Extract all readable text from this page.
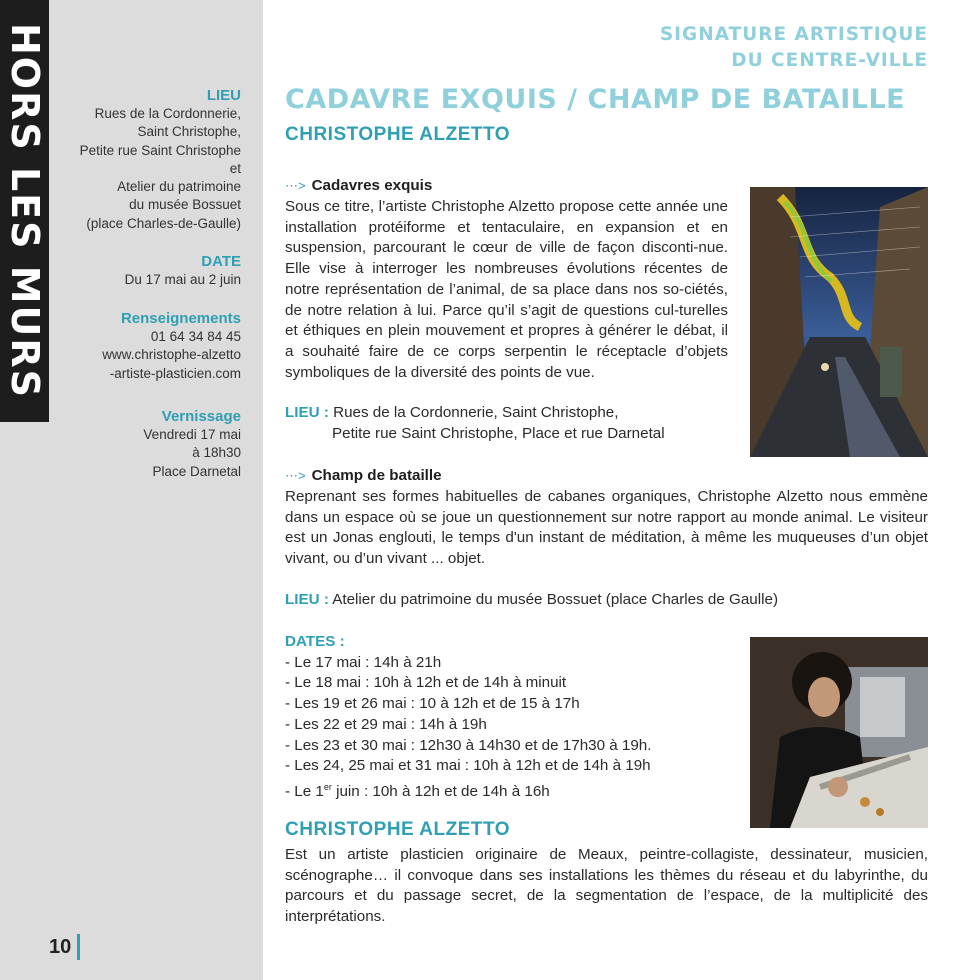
HORS LES MURS	LIEU
Rues de la Cordonnerie,
Saint Christophe,
Petite rue Saint Christophe
et
Atelier du patrimoine
du musée Bossuet
(place Charles-de-Gaulle)
DATE
Du 17 mai au 2 juin
Renseignements
01 64 34 84 45
www.christophe-alzetto
-artiste-plasticien.com
Vernissage
Vendredi 17 mai
à 18h30
Place Darnetal
10
SIGNATURE ARTISTIQUE
DU CENTRE-VILLE
CADAVRE EXQUIS / CHAMP DE BATAILLE
CHRISTOPHE ALZETTO
⋯> Cadavres exquis
Sous ce titre, l’artiste Christophe Alzetto propose cette année une installation protéiforme et tentaculaire, en expansion et en suspension, parcourant le cœur de ville de façon disconti-nue. Elle vise à interroger les nombreuses évolutions récentes de notre représentation de l’animal, de sa place dans nos so-ciétés, de notre relation à lui. Parce qu’il s’agit de questions cul-turelles et éthiques en plein mouvement et propres à générer le débat, il a souhaité faire de ce corps serpentin le réceptacle d’objets symboliques de la diversité des points de vue.
LIEU : Rues de la Cordonnerie, Saint Christophe,
Petite rue Saint Christophe, Place et rue Darnetal
⋯> Champ de bataille
Reprenant ses formes habituelles de cabanes organiques, Christophe Alzetto nous emmène dans un espace où se joue un questionnement sur notre rapport au monde animal. Le visiteur est un Jonas englouti, le temps d'un instant de méditation, à même les muqueuses d’un objet vivant, ou d’un vivant ... objet.
LIEU : Atelier du patrimoine du musée Bossuet (place Charles de Gaulle)
DATES :
- Le 17 mai : 14h à 21h
- Le 18 mai : 10h à 12h et de 14h à minuit
- Les 19 et 26 mai : 10 à 12h et de 15 à 17h
- Les 22 et 29 mai : 14h à 19h
- Les 23 et 30 mai : 12h30 à 14h30 et de 17h30 à 19h.
- Les 24, 25 mai et 31 mai : 10h à 12h et de 14h à 19h
- Le 1er juin : 10h à 12h et de 14h à 16h
CHRISTOPHE ALZETTO
Est un artiste plasticien originaire de Meaux, peintre-collagiste, dessinateur, musicien, scénographe… il convoque dans ses installations les thèmes du réseau et du labyrinthe, du parcours et du passage secret, de la segmentation de l’espace, de la multiplicité des interprétations.
